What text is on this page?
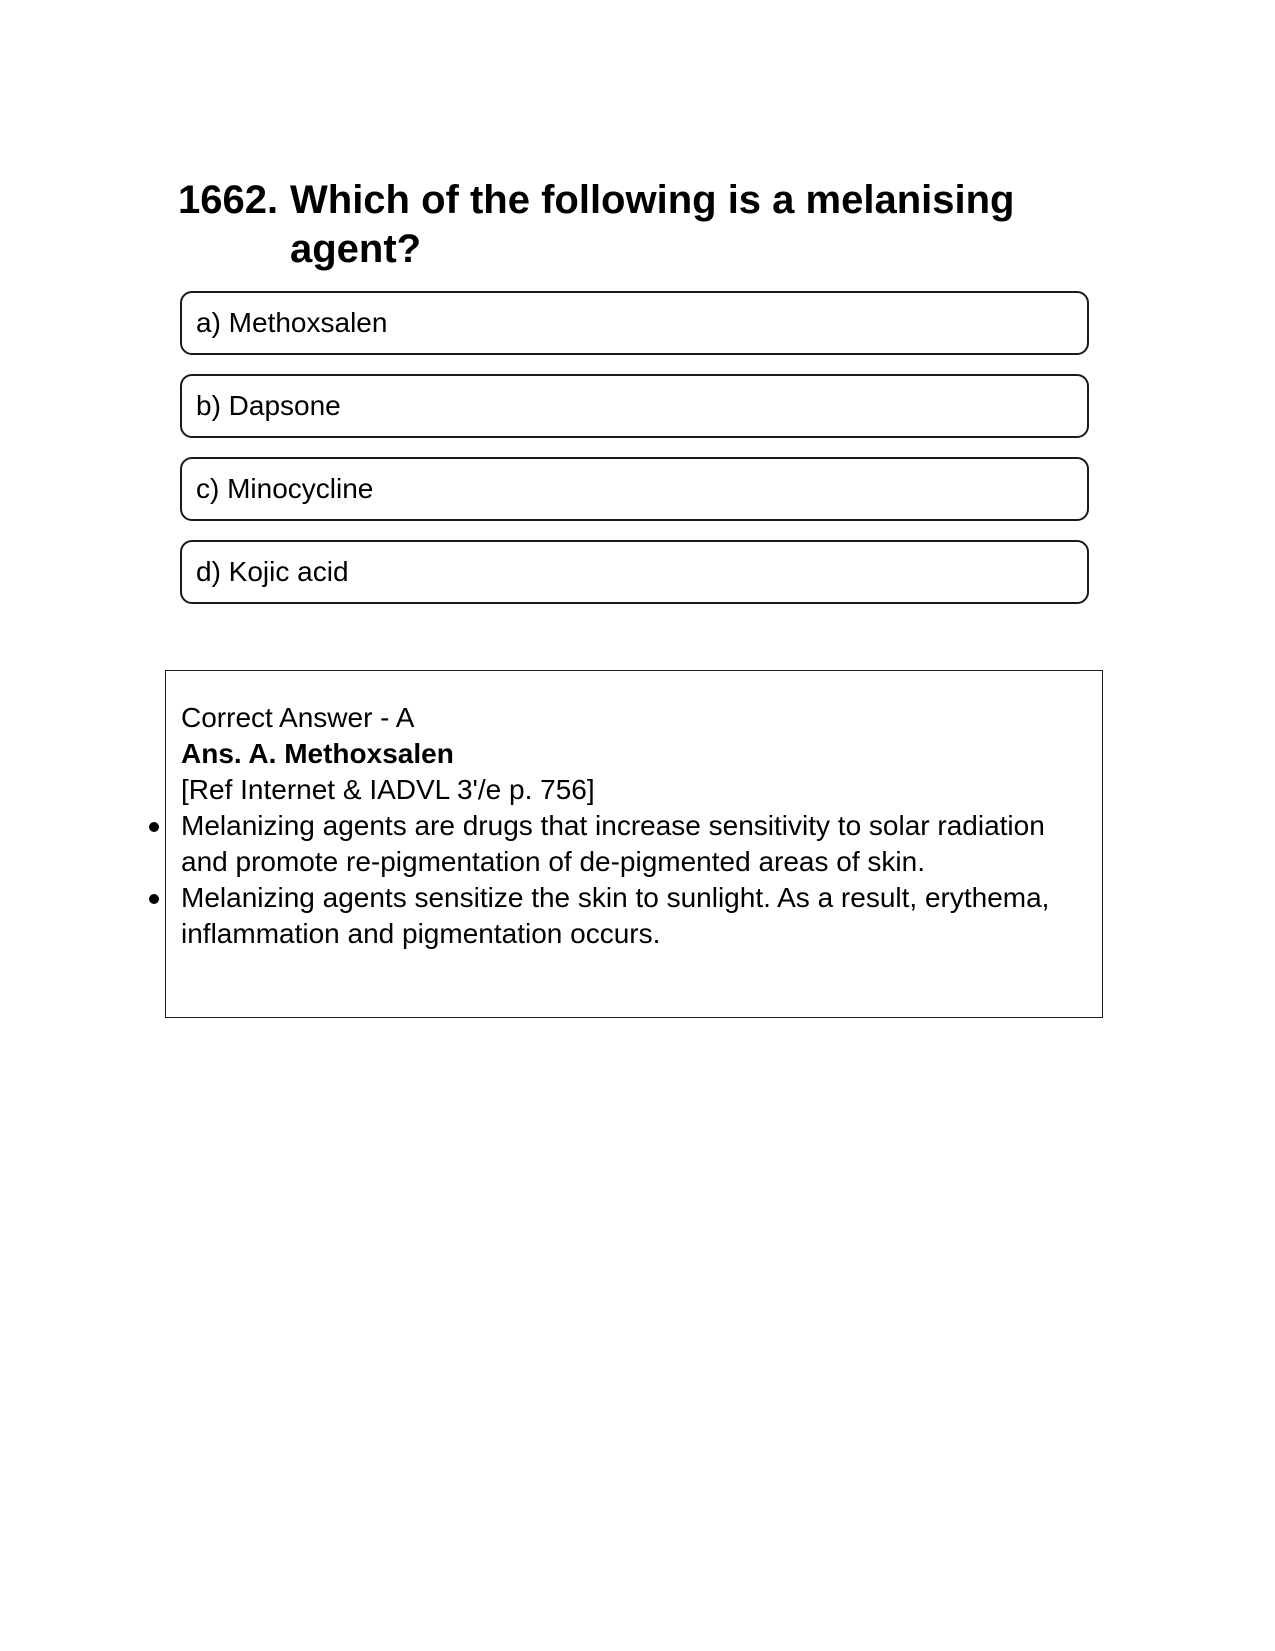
1662. Which of the following is a melanising agent?
a) Methoxsalen
b) Dapsone
c) Minocycline
d) Kojic acid
Correct Answer - A
Ans. A. Methoxsalen
[Ref Internet & IADVL 3'/e p. 756]
Melanizing agents are drugs that increase sensitivity to solar radiation and promote re-pigmentation of de-pigmented areas of skin.
Melanizing agents sensitize the skin to sunlight. As a result, erythema, inflammation and pigmentation occurs.
